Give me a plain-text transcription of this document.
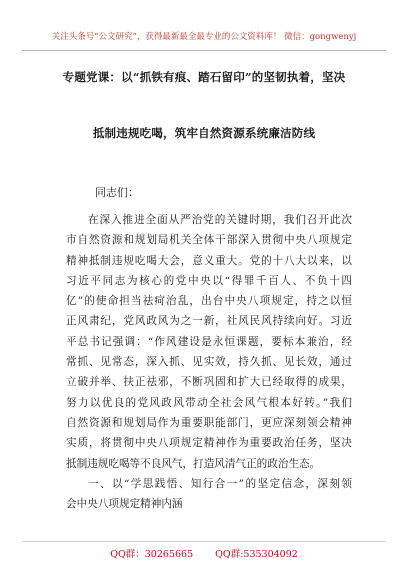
关注头条号“公文研究”，获得最新最全最专业的公文资料库！ 微信：gongwenyj
专题党课：以“抓铁有痕、踏石留印”的坚韧执着，坚决
抵制违规吃喝，筑牢自然资源系统廉洁防线
同志们：
在深入推进全面从严治党的关键时期，我们召开此次
市自然资源和规划局机关全体干部深入贯彻中央八项规定
精神抵制违规吃喝大会，意义重大。党的十八大以来，以
习近平同志为核心的党中央以“得罪千百人、不负十四
亿”的使命担当祛疴治乱，出台中央八项规定，持之以恒
正风肃纪，党风政风为之一新，社风民风持续向好。习近
平总书记强调：“作风建设是永恒课题，要标本兼治，经
常抓、见常态，深入抓、见实效，持久抓、见长效，通过
立破并举、扶正祛邪，不断巩固和扩大已经取得的成果，
努力以优良的党风政风带动全社会风气根本好转。”我们
自然资源和规划局作为重要职能部门，更应深刻领会精神
实质，将贯彻中央八项规定精神作为重要政治任务，坚决
抵制违规吃喝等不良风气，打造风清气正的政治生态。
一、以“学思践悟、知行合一”的坚定信念，深刻领
会中央八项规定精神内涵
QQ群：30265665 QQ群:535304092
